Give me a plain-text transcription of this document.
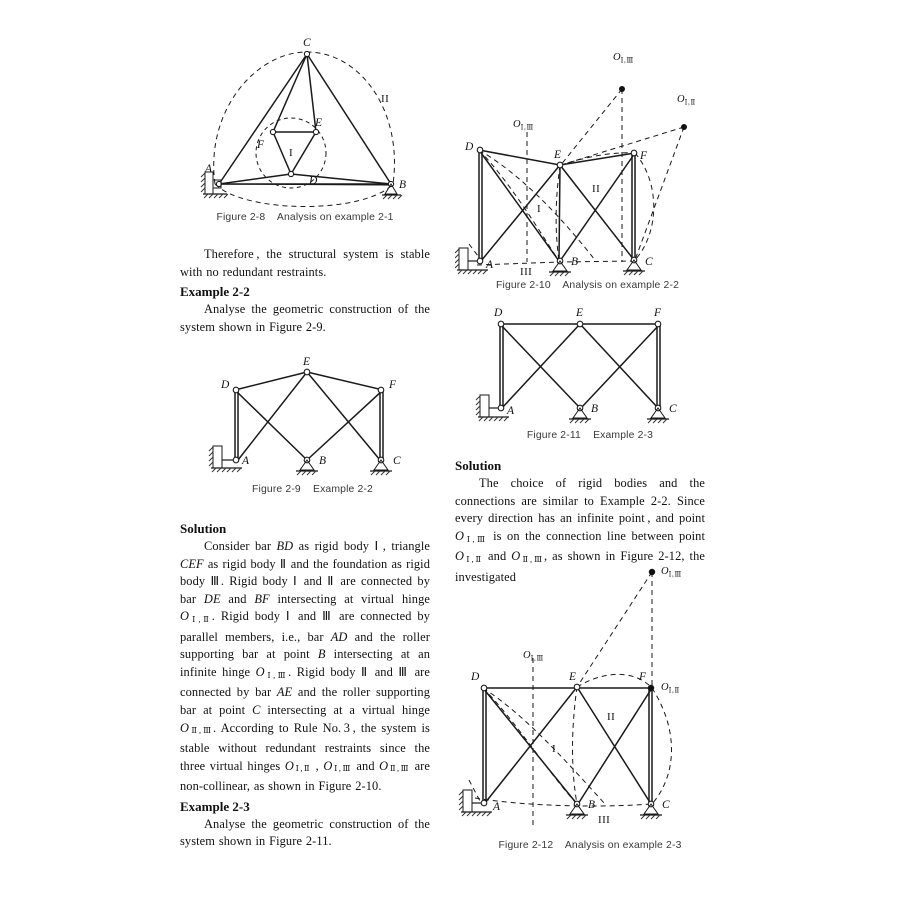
C
A
B
E
F
D
I
II
Figure 2-8    Analysis on example 2-1

Therefore , the structural system is stable with no redundant restraints.

Example 2-2

Analyse the geometric construction of the system shown in Figure 2-9.

E
D	F
A	B	C
Figure 2-9    Example 2-2

Solution

Consider bar BD as rigid body Ⅰ , triangle CEF as rigid body Ⅱ and the foundation as rigid body Ⅲ. Rigid body Ⅰ and Ⅱ are connected by bar DE and BF intersecting at virtual hinge OⅠ,Ⅱ. Rigid body Ⅰ and Ⅲ are connected by parallel members, i.e., bar AD and the roller supporting bar at point B intersecting at an infinite hinge OⅠ,Ⅲ. Rigid body Ⅱ and Ⅲ are connected by bar AE and the roller supporting bar at point C intersecting at a virtual hinge OⅡ,Ⅲ. According to Rule No. 3 , the system is stable without redundant restraints since the three virtual hinges OⅠ,Ⅱ , OⅠ,Ⅲ and OⅡ,Ⅲ are non-collinear, as shown in Figure 2-10.

Example 2-3

Analyse the geometric construction of the system shown in Figure 2-11.

D
E	F
A	B	C
I
II
III
$O_{Ⅰ,Ⅲ}$
$O_{Ⅰ,Ⅲ}$
$O_{Ⅰ,Ⅱ}$
Figure 2-10    Analysis on example 2-2
D	E	F
A	B	C
Figure 2-11    Example 2-3

Solution

The choice of rigid bodies and the connections are similar to Example 2-2. Since every direction has an infinite point , and point OⅠ,Ⅲ is on the connection line between point OⅠ,Ⅱ and OⅡ,Ⅲ, as shown in Figure 2-12, the investigated

D	E	F
A	B	C
I
II
III
$O_{Ⅰ,Ⅲ}$
$O_{Ⅰ,Ⅲ}$
$O_{Ⅰ,Ⅱ}$
Figure 2-12    Analysis on example 2-3
